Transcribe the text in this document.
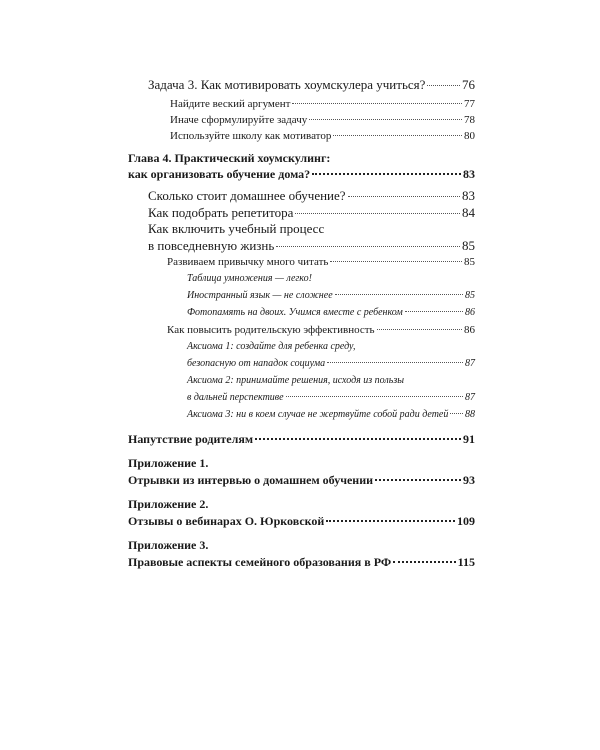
Задача 3. Как мотивировать хоумскулера учиться?	76
Найдите веский аргумент	77
Иначе сформулируйте задачу	78
Используйте школу как мотиватор	80
Глава 4. Практический хоумскулинг:
как организовать обучение дома?	83
Сколько стоит домашнее обучение?	83
Как подобрать репетитора	84
Как включить учебный процесс
в повседневную жизнь	85
Развиваем привычку много читать	85
Таблица умножения — легко!
Иностранный язык — не сложнее	85
Фотопамять на двоих. Учимся вместе с ребенком	86
Как повысить родительскую эффективность	86
Аксиома 1: создайте для ребенка среду,
безопасную от нападок социума	87
Аксиома 2: принимайте решения, исходя из пользы
в дальней перспективе	87
Аксиома 3: ни в коем случае не жертвуйте собой ради детей 88
Напутствие родителям	91
Приложение 1.
Отрывки из интервью о домашнем обучении	93
Приложение 2.
Отзывы о вебинарах О. Юрковской	109
Приложение 3.
Правовые аспекты семейного образования в РФ	115
